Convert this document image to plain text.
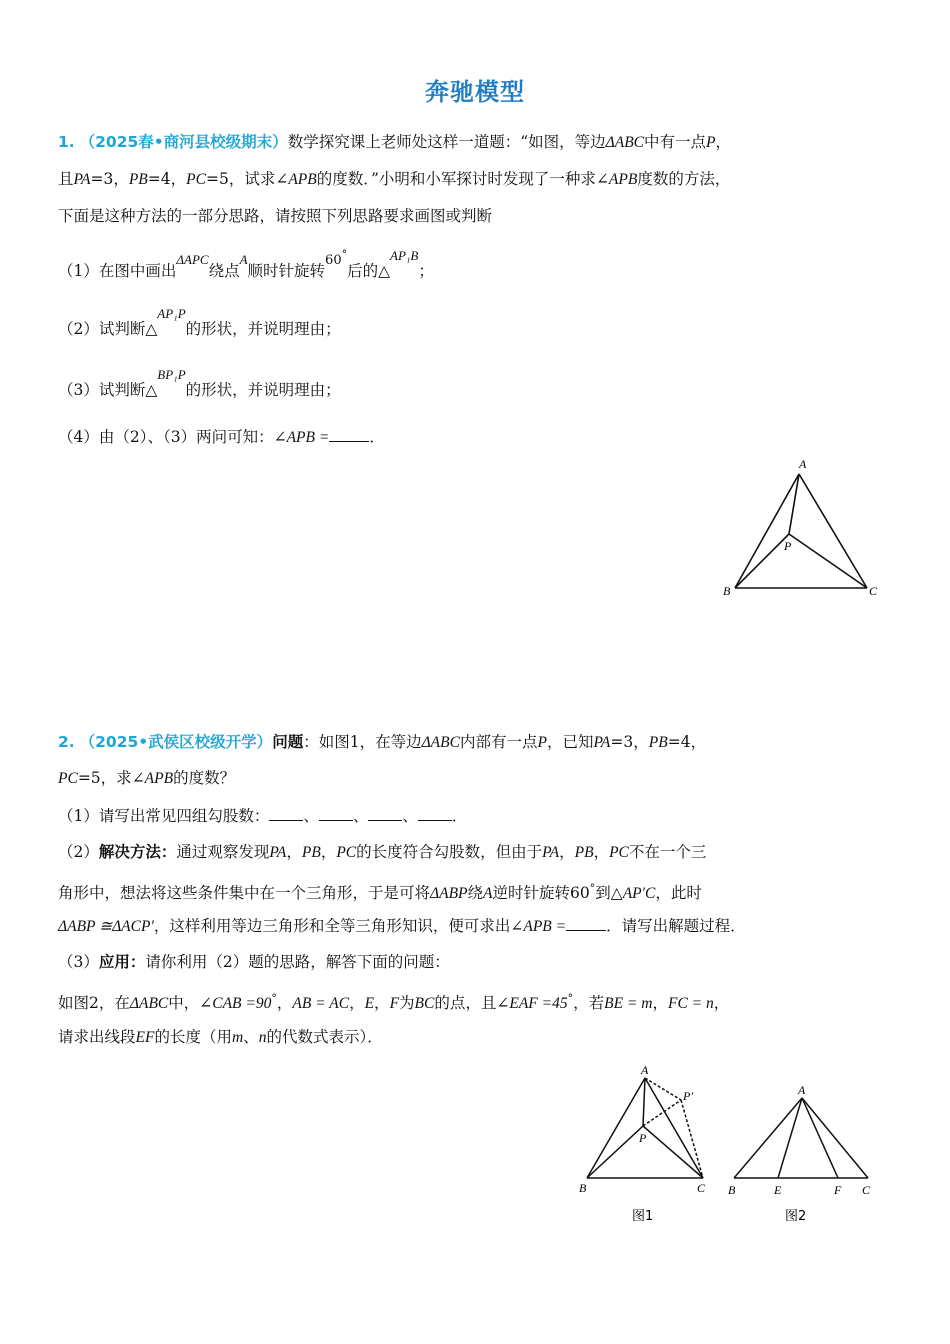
奔驰模型
1. （2025春•商河县校级期末）数学探究课上老师处这样一道题：“如图，等边ΔABC中有一点P，
且PA=3，PB=4，PC=5，试求∠APB的度数．”小明和小军探讨时发现了一种求∠APB度数的方法，
下面是这种方法的一部分思路，请按照下列思路要求画图或判断
（1）在图中画出$^{\Delta APC}$绕点$^A$顺时针旋转$^{60^\circ}$后的△$^{AP_1B}$；
（2）试判断△$^{AP_1P}$的形状，并说明理由；
（3）试判断△$^{BP_1P}$的形状，并说明理由；
（4）由（2）、（3）两问可知：∠APB =	．
A
B	C
P
2. （2025•武侯区校级开学）问题：如图1，在等边ΔABC内部有一点P，已知PA=3，PB=4，
PC=5，求∠APB的度数？
（1）请写出常见四组勾股数： 、 、 、 ．
（2）解决方法：通过观察发现PA，PB，PC的长度符合勾股数，但由于PA，PB，PC不在一个三
角形中，想法将这些条件集中在一个三角形，于是可将ΔABP绕A逆时针旋转60°到△AP′C，此时
ΔABP ≅ΔACP′，这样利用等边三角形和全等三角形知识，便可求出∠APB =	．请写出解题过程．
（3）应用：请你利用（2）题的思路，解答下面的问题：
如图2，在ΔABC中，∠CAB =90°，AB = AC，E，F为BC的点，且∠EAF =45°，若BE = m，FC = n，
请求出线段EF的长度（用m、n的代数式表示）．
A
B	C
P
P′
图1
A
B	E	F C
图2
